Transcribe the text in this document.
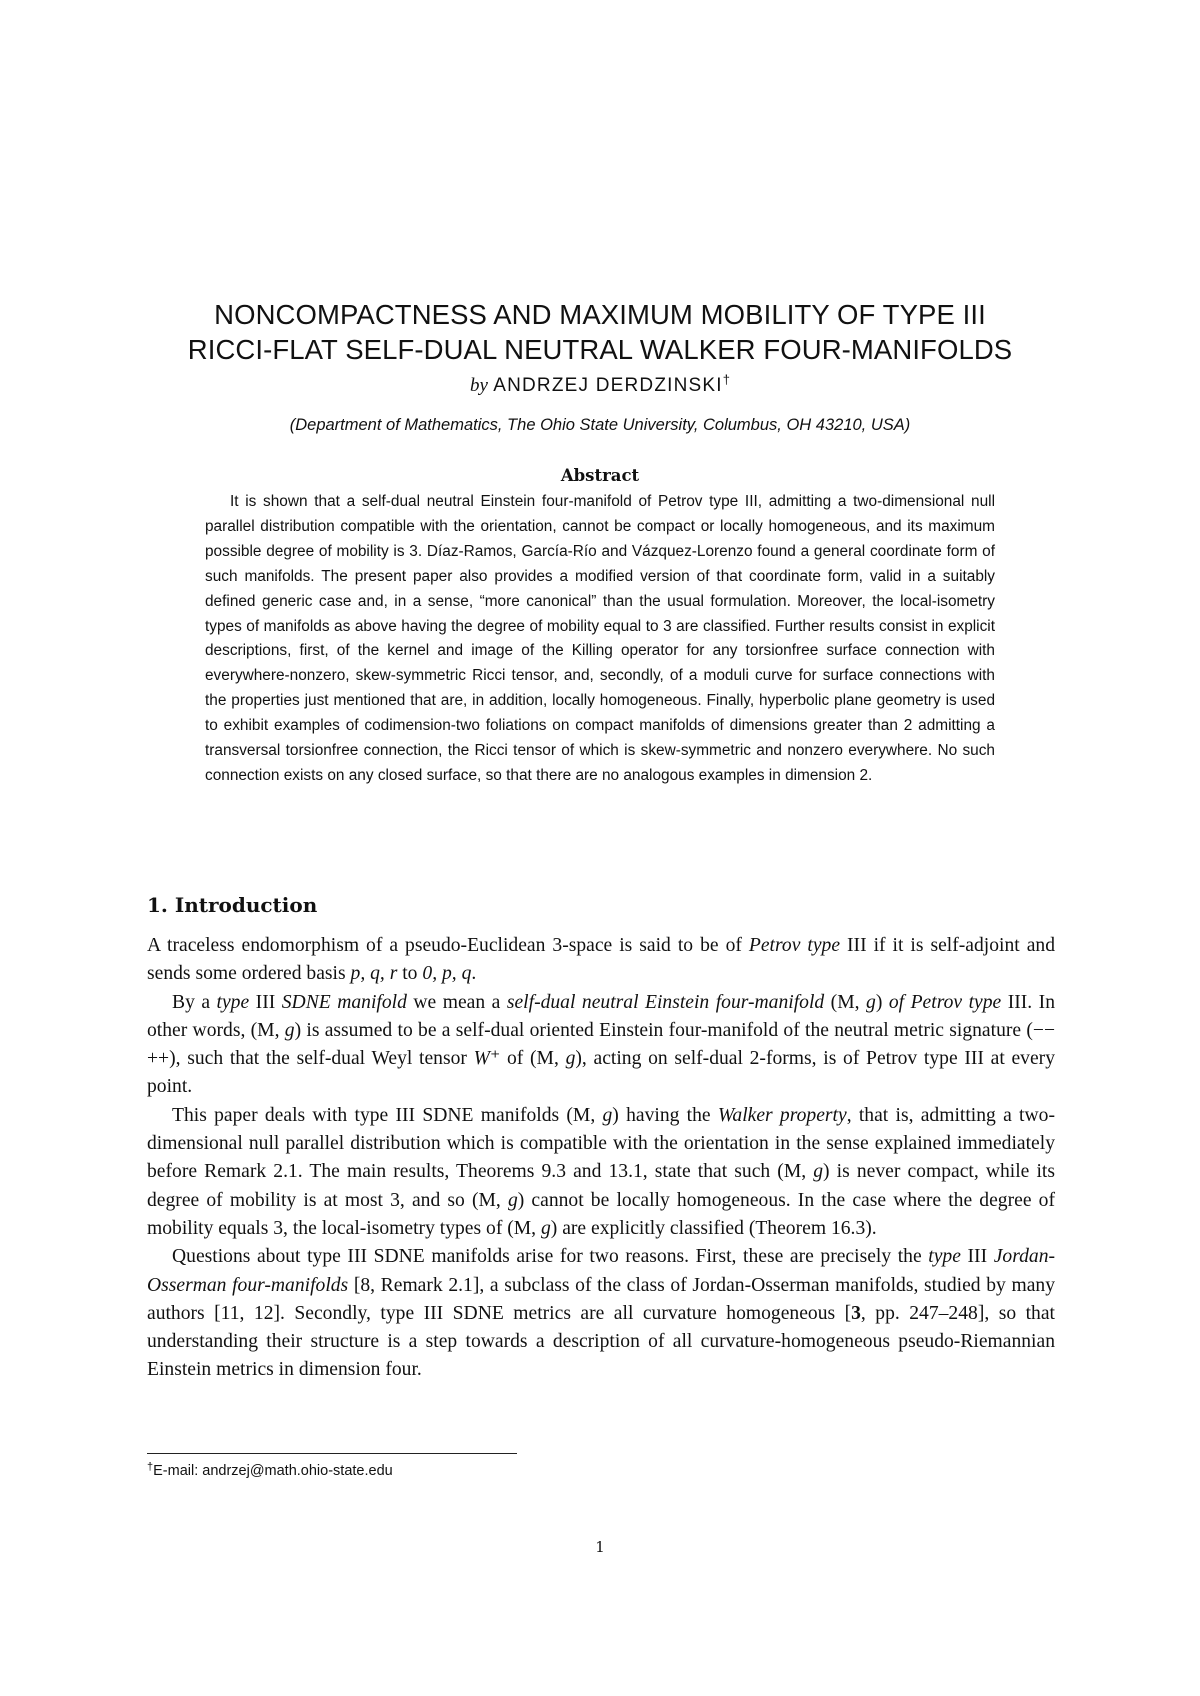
NONCOMPACTNESS AND MAXIMUM MOBILITY OF TYPE III
RICCI-FLAT SELF-DUAL NEUTRAL WALKER FOUR-MANIFOLDS
by ANDRZEJ DERDZINSKI†
(Department of Mathematics, The Ohio State University, Columbus, OH 43210, USA)
Abstract
It is shown that a self-dual neutral Einstein four-manifold of Petrov type III, admitting a two-dimensional null parallel distribution compatible with the orientation, cannot be compact or locally homogeneous, and its maximum possible degree of mobility is 3. Díaz-Ramos, García-Río and Vázquez-Lorenzo found a general coordinate form of such manifolds. The present paper also provides a modified version of that coordinate form, valid in a suitably defined generic case and, in a sense, “more canonical” than the usual formulation. Moreover, the local-isometry types of manifolds as above having the degree of mobility equal to 3 are classified. Further results consist in explicit descriptions, first, of the kernel and image of the Killing operator for any torsionfree surface connection with everywhere-nonzero, skew-symmetric Ricci tensor, and, secondly, of a moduli curve for surface connections with the properties just mentioned that are, in addition, locally homogeneous. Finally, hyperbolic plane geometry is used to exhibit examples of codimension-two foliations on compact manifolds of dimensions greater than 2 admitting a transversal torsionfree connection, the Ricci tensor of which is skew-symmetric and nonzero everywhere. No such connection exists on any closed surface, so that there are no analogous examples in dimension 2.
1. Introduction

A traceless endomorphism of a pseudo-Euclidean 3-space is said to be of Petrov type III if it is self-adjoint and sends some ordered basis p, q, r to 0, p, q.

By a type III SDNE manifold we mean a self-dual neutral Einstein four-manifold (M, g) of Petrov type III. In other words, (M, g) is assumed to be a self-dual oriented Einstein four-manifold of the neutral metric signature (−−++), such that the self-dual Weyl tensor W⁺ of (M, g), acting on self-dual 2-forms, is of Petrov type III at every point.

This paper deals with type III SDNE manifolds (M, g) having the Walker property, that is, admitting a two-dimensional null parallel distribution which is compatible with the orientation in the sense explained immediately before Remark 2.1. The main results, Theorems 9.3 and 13.1, state that such (M, g) is never compact, while its degree of mobility is at most 3, and so (M, g) cannot be locally homogeneous. In the case where the degree of mobility equals 3, the local-isometry types of (M, g) are explicitly classified (Theorem 16.3).

Questions about type III SDNE manifolds arise for two reasons. First, these are precisely the type III Jordan-Osserman four-manifolds [8, Remark 2.1], a subclass of the class of Jordan-Osserman manifolds, studied by many authors [11, 12]. Secondly, type III SDNE metrics are all curvature homogeneous [3, pp. 247–248], so that understanding their structure is a step towards a description of all curvature-homogeneous pseudo-Riemannian Einstein metrics in dimension four.

†E-mail: andrzej@math.ohio-state.edu
1
